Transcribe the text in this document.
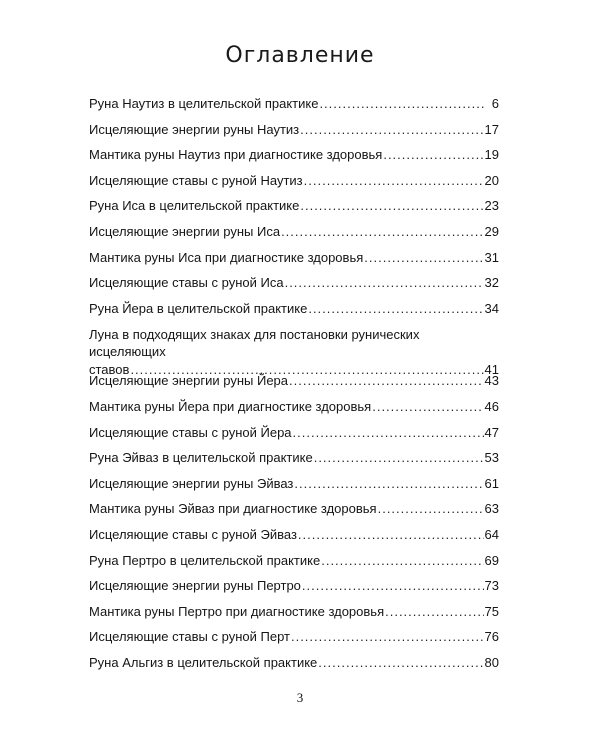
Оглавление
Руна Наутиз в целительской практике .....	6
Исцеляющие энергии руны Наутиз .....	17
Мантика руны Наутиз при диагностике здоровья .....	19
Исцеляющие ставы с руной Наутиз .....	20
Руна Иса в целительской практике .....	23
Исцеляющие энергии руны Иса .....	29
Мантика руны Иса при диагностике здоровья .....	31
Исцеляющие ставы с руной Иса .....	32
Руна Йера в целительской практике .....	34
Луна в подходящих знаках для постановки рунических исцеляющих
ставов .....	41
Исцеляющие энергии руны Йера .....	43
Мантика руны Йера при диагностике здоровья .....	46
Исцеляющие ставы с руной Йера .....	47
Руна Эйваз в целительской практике .....	53
Исцеляющие энергии руны Эйваз .....	61
Мантика руны Эйваз при диагностике здоровья .....	63
Исцеляющие ставы с руной Эйваз .....	64
Руна Пертро в целительской практике .....	69
Исцеляющие энергии руны Пертро .....	73
Мантика руны Пертро при диагностике здоровья .....	75
Исцеляющие ставы с руной Перт .....	76
Руна Альгиз в целительской практике .....	80
3
